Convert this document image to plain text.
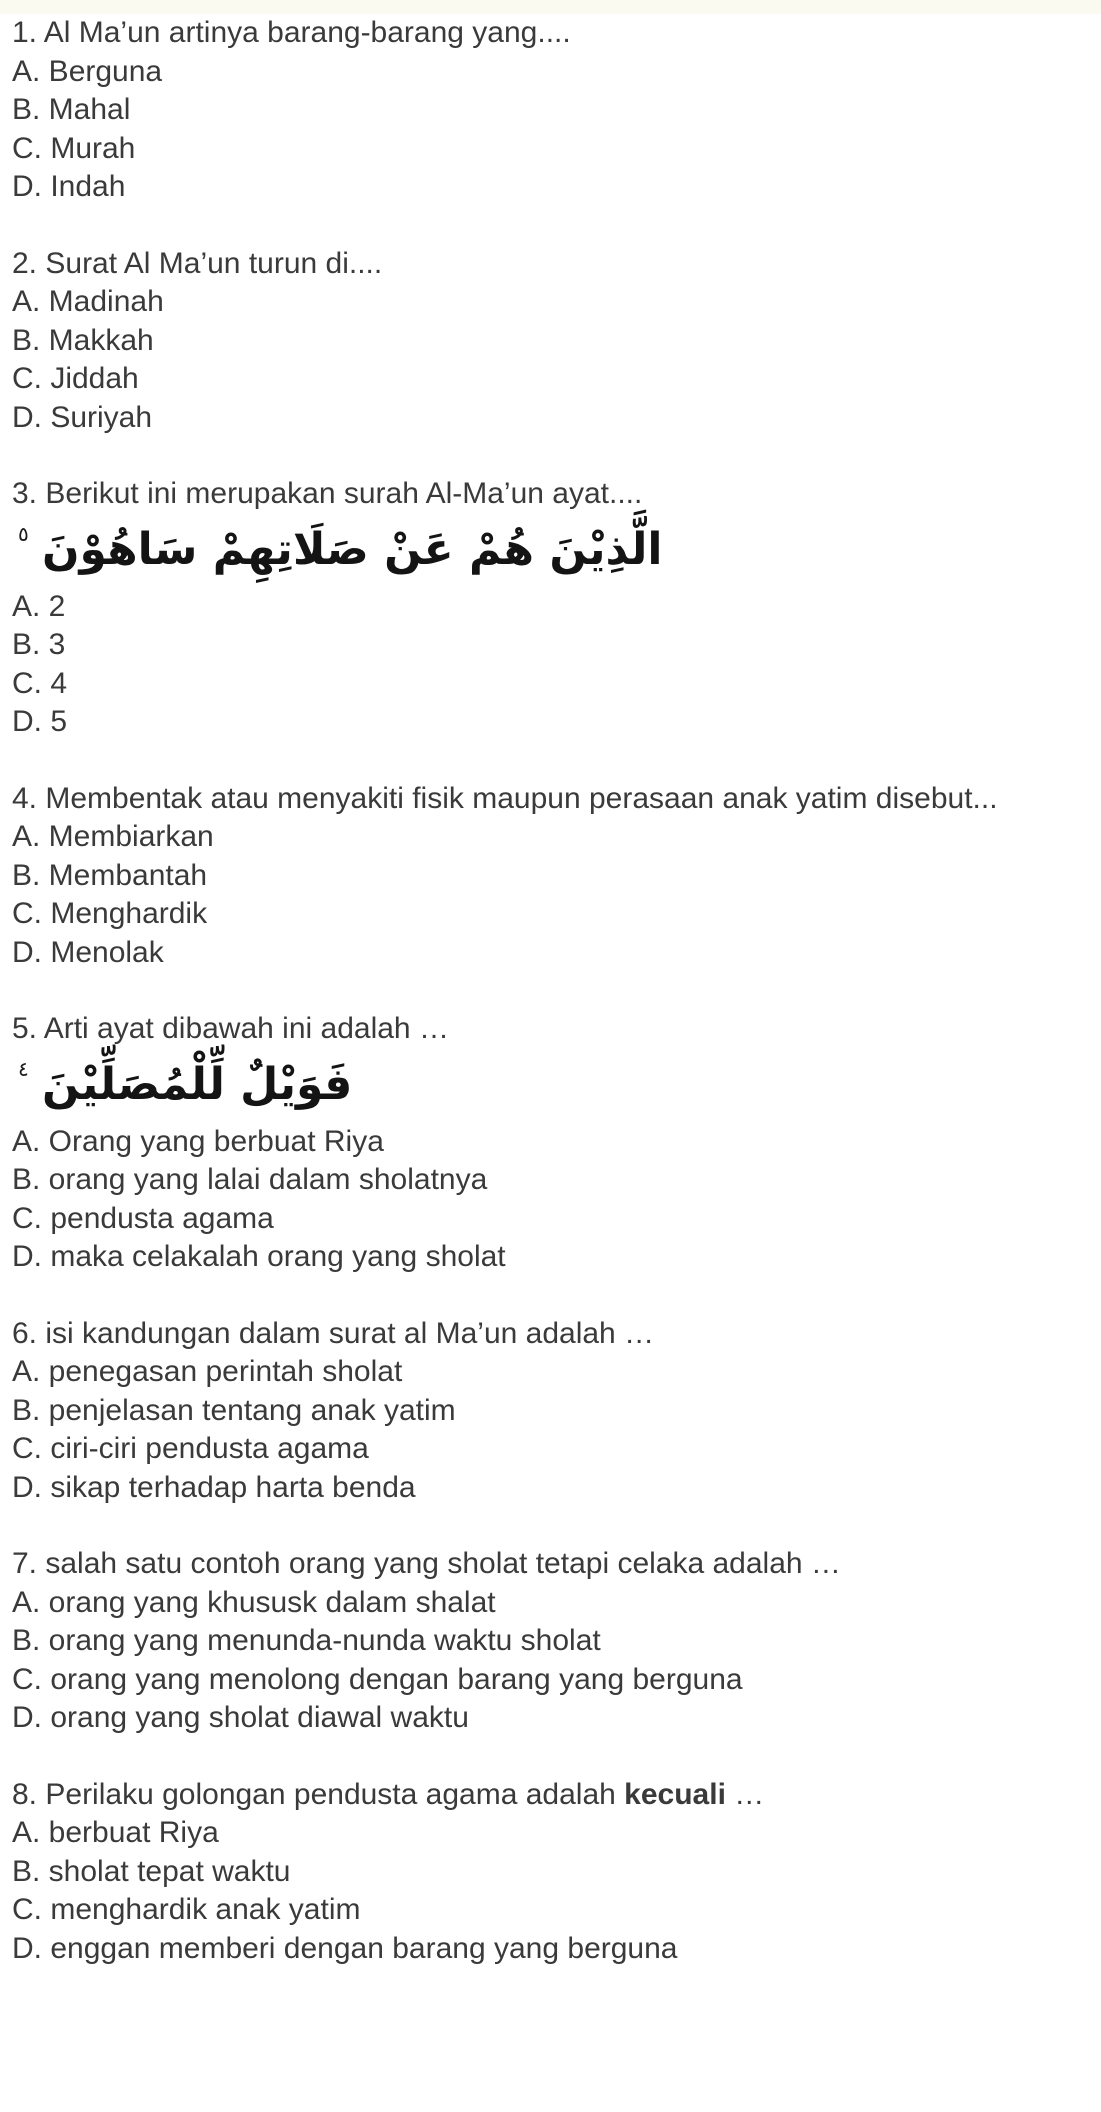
1. Al Ma’un artinya barang-barang yang....
A. Berguna
B. Mahal
C. Murah
D. Indah
2. Surat Al Ma’un turun di....
A. Madinah
B. Makkah
C. Jiddah
D. Suriyah
3. Berikut ini merupakan surah Al-Ma’un ayat....
٥ الَّذِيْنَ هُمْ عَنْ صَلَاتِهِمْ سَاهُوْنَ
A. 2
B. 3
C. 4
D. 5
4. Membentak atau menyakiti fisik maupun perasaan anak yatim disebut...
A. Membiarkan
B. Membantah
C. Menghardik
D. Menolak
5. Arti ayat dibawah ini adalah …
٤ فَوَيْلٌ لِّلْمُصَلِّيْنَ
A. Orang yang berbuat Riya
B. orang yang lalai dalam sholatnya
C. pendusta agama
D. maka celakalah orang yang sholat
6. isi kandungan dalam surat al Ma’un adalah …
A. penegasan perintah sholat
B. penjelasan tentang anak yatim
C. ciri-ciri pendusta agama
D. sikap terhadap harta benda
7. salah satu contoh orang yang sholat tetapi celaka adalah …
A. orang yang khususk dalam shalat
B. orang yang menunda-nunda waktu sholat
C. orang yang menolong dengan barang yang berguna
D. orang yang sholat diawal waktu
8. Perilaku golongan pendusta agama adalah kecuali …
A. berbuat Riya
B. sholat tepat waktu
C. menghardik anak yatim
D. enggan memberi dengan barang yang berguna
